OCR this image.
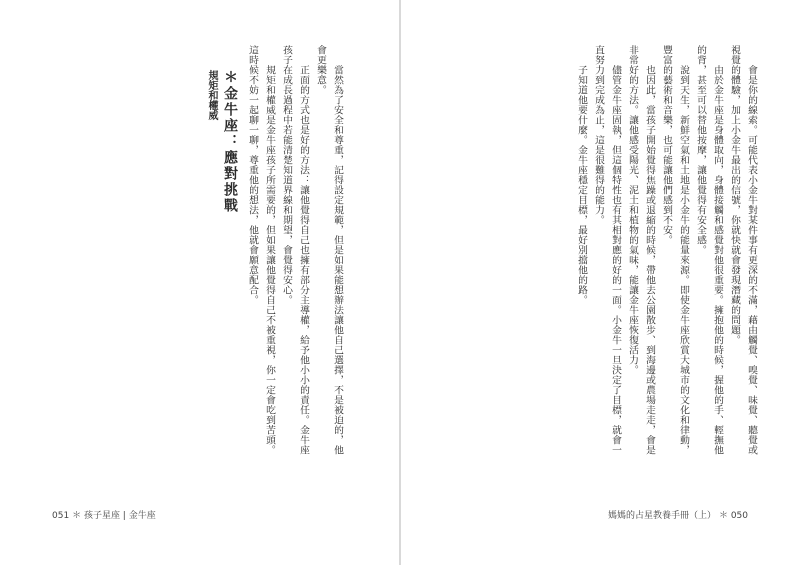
＊金牛座：應對挑戰
規矩和權威	當然為了安全和尊重，記得設定規範，但是如果能想辦法讓他自己選擇，不是被迫的，他會更樂意。

正面的方式也是好的方法：讓他覺得自己也擁有部分主導權，給予他小小的責任。金牛座孩子在成長過程中若能清楚知道界線和期望，會覺得安心。

規矩和權威是金牛座孩子所需要的，但如果讓他覺得自己不被重視，你一定會吃到苦頭。這時候不妨一起聊一聊，尊重他的想法，他就會願意配合。

051 ＊ 孩子星座 | 金牛座

會是你的線索。可能代表小金牛對某件事有更深的不滿，藉由觸覺、嗅覺、味覺、聽覺或視覺的體驗，加上小金牛最出的信號，你就快就會發現潛藏的問題。

由於金牛座是身體取向，身體接觸和感覺對他很重要。擁抱他的時候，握他的手、輕撫他的背，甚至可以替他按摩，讓他覺得有安全感。

說到天生，新鮮空氣和土地是小金牛的能量來源。即使金牛座欣賞大城市的文化和律動，豐富的藝術和音樂，也可能讓他們感到不安。

也因此，當孩子開始覺得焦躁或退縮的時候，帶他去公園散步、到海邊或農場走走，會是非常好的方法。讓他感受陽光、泥土和植物的氣味，能讓金牛座恢復活力。

儘管金牛座固執，但這個特性也有其相對應的好的一面。小金牛一旦決定了目標，就會一直努力到完成為止，這是很難得的能力。

子知道他要什麼。金牛座穩定目標，最好別擋他的路。

媽媽的占星教養手冊（上） ＊ 050
